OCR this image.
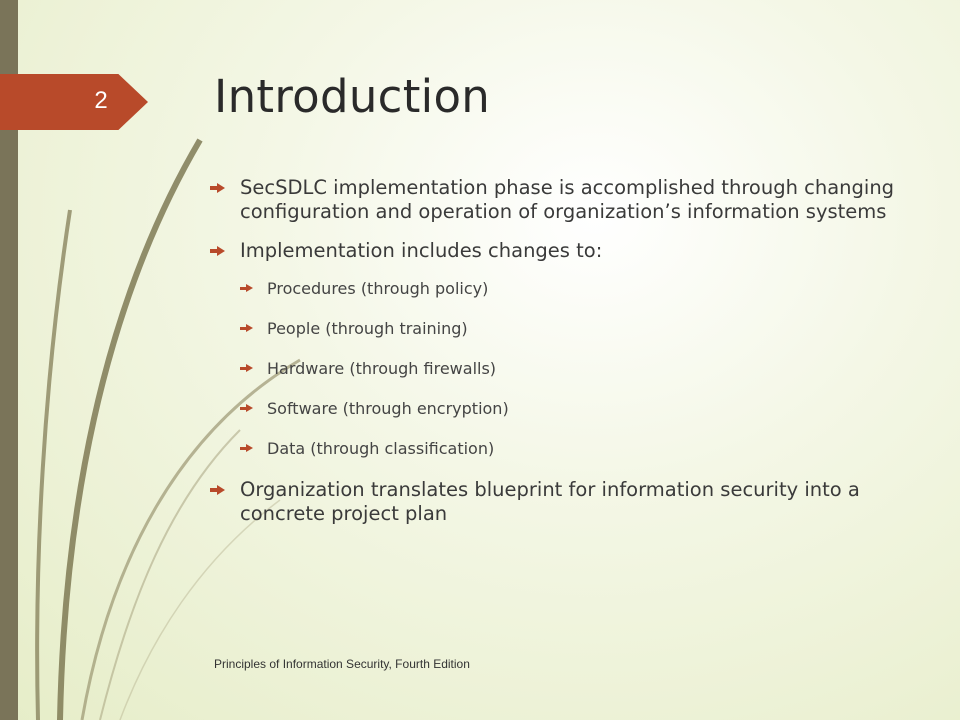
2 Introduction
SecSDLC implementation phase is accomplished through changing configuration and operation of organization’s information systems
Implementation includes changes to:
Procedures (through policy)
People (through training)
Hardware (through firewalls)
Software (through encryption)
Data (through classification)
Organization translates blueprint for information security into a concrete project plan
Principles of Information Security, Fourth Edition
